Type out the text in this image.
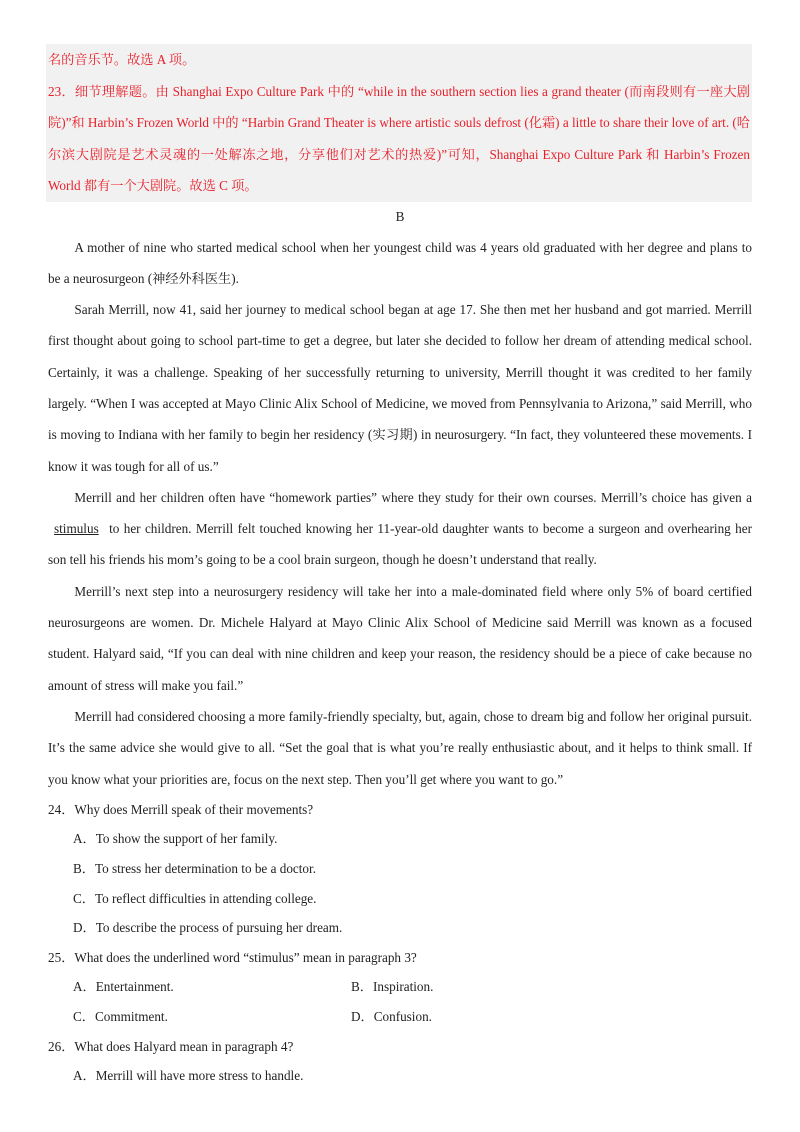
名的音乐节。故选 A 项。

23．细节理解题。由 Shanghai Expo Culture Park 中的 “while in the southern section lies a grand theater (而南段则有一座大剧院)”和 Harbin’s Frozen World 中的 “Harbin Grand Theater is where artistic souls defrost (化霜) a little to share their love of art. (哈尔滨大剧院是艺术灵魂的一处解冻之地，分享他们对艺术的热爱)”可知，Shanghai Expo Culture Park 和 Harbin’s Frozen World 都有一个大剧院。故选 C 项。

B

A mother of nine who started medical school when her youngest child was 4 years old graduated with her degree and plans to be a neurosurgeon (神经外科医生).

Sarah Merrill, now 41, said her journey to medical school began at age 17. She then met her husband and got married. Merrill first thought about going to school part-time to get a degree, but later she decided to follow her dream of attending medical school. Certainly, it was a challenge. Speaking of her successfully returning to university, Merrill thought it was credited to her family largely. “When I was accepted at Mayo Clinic Alix School of Medicine, we moved from Pennsylvania to Arizona,” said Merrill, who is moving to Indiana with her family to begin her residency (实习期) in neurosurgery. “In fact, they volunteered these movements. I know it was tough for all of us.”

Merrill and her children often have “homework parties” where they study for their own courses. Merrill’s choice has given a stimulus to her children. Merrill felt touched knowing her 11-year-old daughter wants to become a surgeon and overhearing her son tell his friends his mom’s going to be a cool brain surgeon, though he doesn’t understand that really.

Merrill’s next step into a neurosurgery residency will take her into a male-dominated field where only 5% of board certified neurosurgeons are women. Dr. Michele Halyard at Mayo Clinic Alix School of Medicine said Merrill was known as a focused student. Halyard said, “If you can deal with nine children and keep your reason, the residency should be a piece of cake because no amount of stress will make you fail.”

Merrill had considered choosing a more family-friendly specialty, but, again, chose to dream big and follow her original pursuit. It’s the same advice she would give to all. “Set the goal that is what you’re really enthusiastic about, and it helps to think small. If you know what your priorities are, focus on the next step. Then you’ll get where you want to go.”

24．Why does Merrill speak of their movements?

A．To show the support of her family.

B．To stress her determination to be a doctor.

C．To reflect difficulties in attending college.

D．To describe the process of pursuing her dream.

25．What does the underlined word “stimulus” mean in paragraph 3?

A．Entertainment.	B．Inspiration.

C．Commitment.	D．Confusion.

26．What does Halyard mean in paragraph 4?

A．Merrill will have more stress to handle.
